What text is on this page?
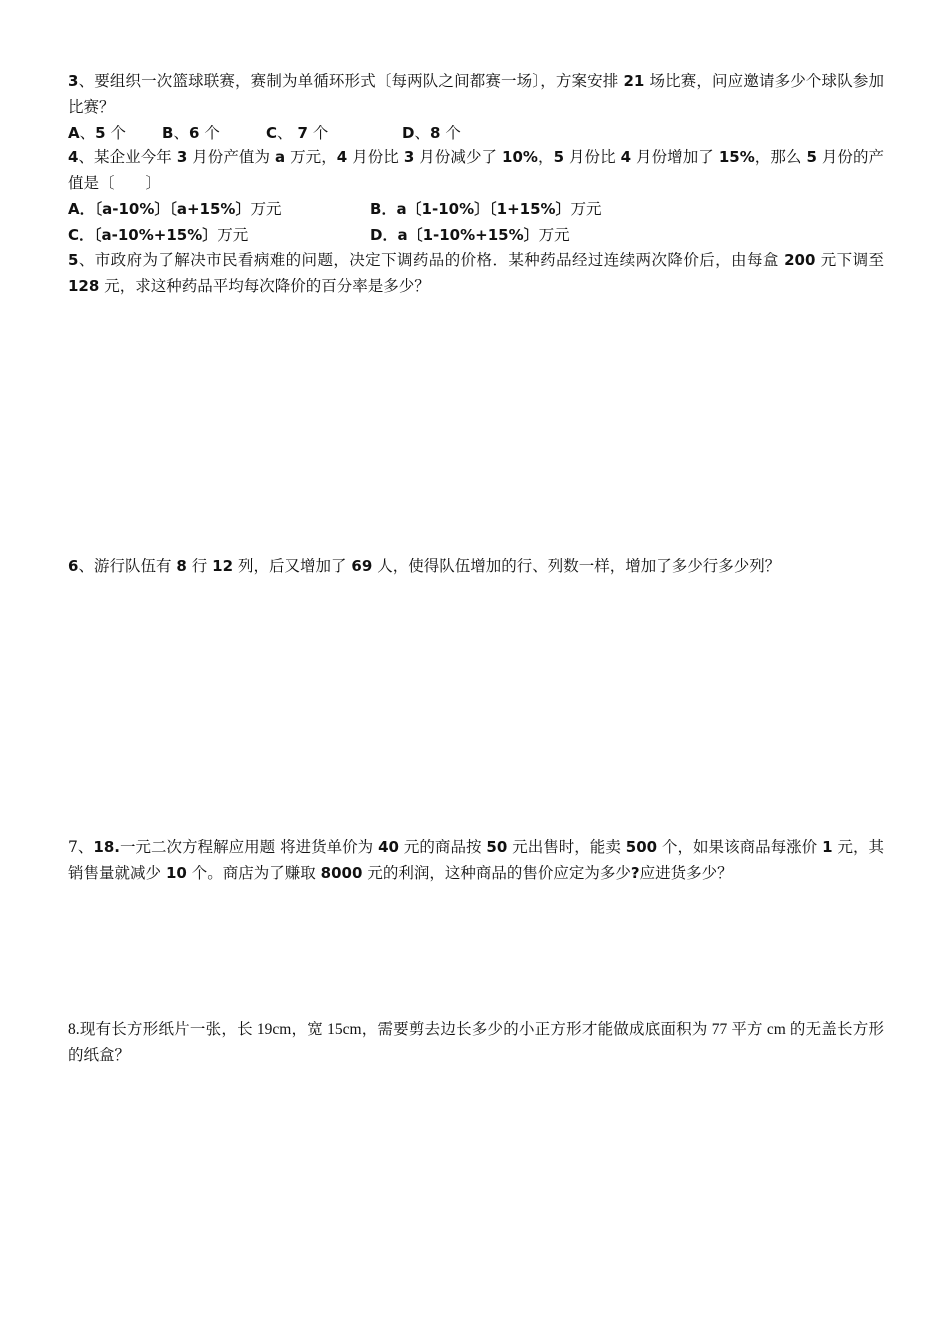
3、要组织一次篮球联赛，赛制为单循环形式〔每两队之间都赛一场〕，方案安排 21 场比赛，问应邀请多少个球队参加比赛？
A、5 个 B、6 个	C、 7 个	D、8 个
4、某企业今年 3 月份产值为 a 万元，4 月份比 3 月份减少了 10%，5 月份比 4 月份增加了 15%，那么 5 月份的产值是〔　　〕
A．〔a-10%〕〔a+15%〕万元	B．a〔1-10%〕〔1+15%〕万元
C．〔a-10%+15%〕万元	D．a〔1-10%+15%〕万元
5、市政府为了解决市民看病难的问题，决定下调药品的价格．某种药品经过连续两次降价后，由每盒 200 元下调至 128 元，求这种药品平均每次降价的百分率是多少？
6、游行队伍有 8 行 12 列，后又增加了 69 人，使得队伍增加的行、列数一样，增加了多少行多少列？
7、18.一元二次方程解应用题 将进货单价为 40 元的商品按 50 元出售时，能卖 500 个，如果该商品每涨价 1 元，其销售量就减少 10 个。商店为了赚取 8000 元的利润，这种商品的售价应定为多少?应进货多少？
8.现有长方形纸片一张，长 19cm，宽 15cm，需要剪去边长多少的小正方形才能做成底面积为 77 平方 cm 的无盖长方形的纸盒？
